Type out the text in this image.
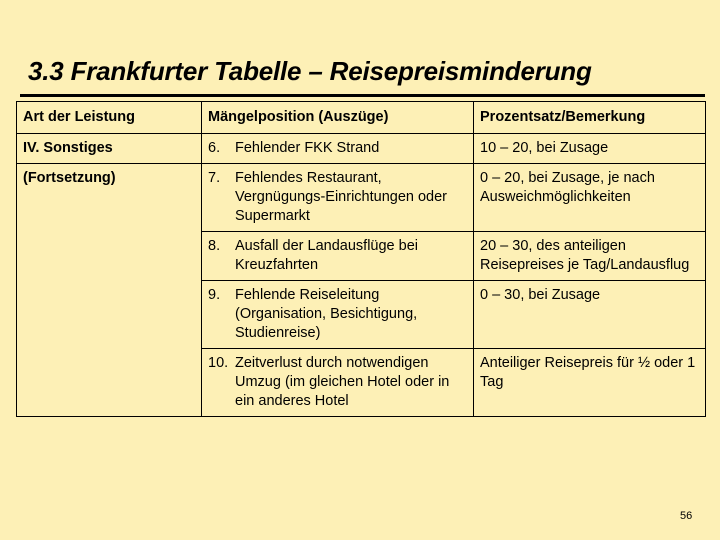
3.3 Frankfurter Tabelle – Reisepreisminderung
Art der Leistung	Mängelposition (Auszüge)	Prozentsatz/Bemerkung
IV. Sonstiges	6. Fehlender FKK Strand	10 – 20, bei Zusage
(Fortsetzung)	7. Fehlendes Restaurant, Vergnügungs-Einrichtungen oder Supermarkt	0 – 20, bei Zusage, je nach Ausweichmöglichkeiten

	8. Ausfall der Landausflüge bei Kreuzfahrten	20 – 30, des anteiligen Reisepreises je Tag/Landausflug

	9. Fehlende Reiseleitung (Organisation, Besichtigung, Studienreise)	0 – 30, bei Zusage

	10. Zeitverlust durch notwendigen Umzug (im gleichen Hotel oder in ein anderes Hotel	Anteiliger Reisepreis für ½ oder 1 Tag
56
